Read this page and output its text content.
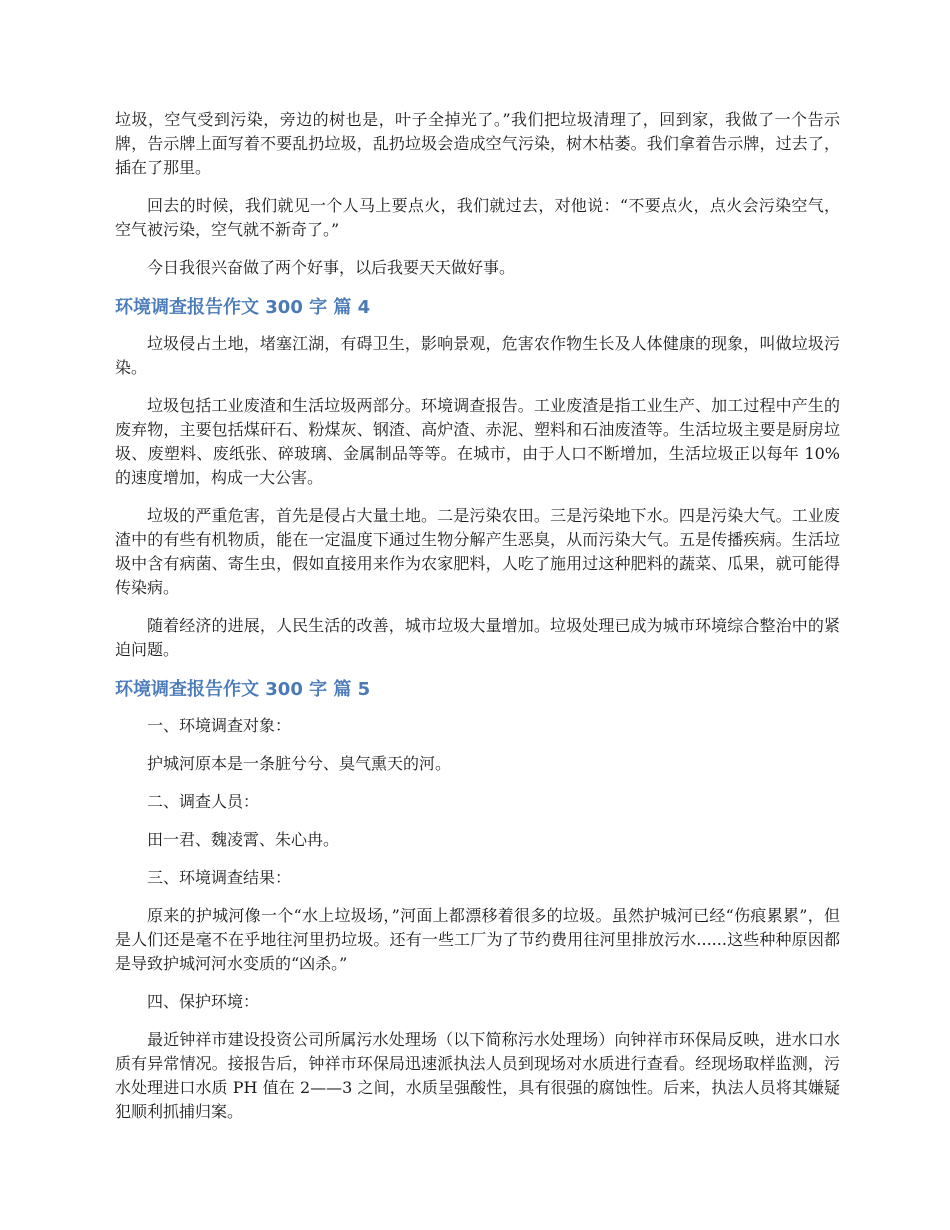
垃圾，空气受到污染，旁边的树也是，叶子全掉光了。”我们把垃圾清理了，回到家，我做了一个告示牌，告示牌上面写着不要乱扔垃圾，乱扔垃圾会造成空气污染，树木枯萎。我们拿着告示牌，过去了，插在了那里。

回去的时候，我们就见一个人马上要点火，我们就过去，对他说：“不要点火，点火会污染空气，空气被污染，空气就不新奇了。”

今日我很兴奋做了两个好事，以后我要天天做好事。

环境调查报告作文 300 字 篇 4

垃圾侵占土地，堵塞江湖，有碍卫生，影响景观，危害农作物生长及人体健康的现象，叫做垃圾污染。

垃圾包括工业废渣和生活垃圾两部分。环境调查报告。工业废渣是指工业生产、加工过程中产生的废弃物，主要包括煤矸石、粉煤灰、钢渣、高炉渣、赤泥、塑料和石油废渣等。生活垃圾主要是厨房垃圾、废塑料、废纸张、碎玻璃、金属制品等等。在城市，由于人口不断增加，生活垃圾正以每年 10%的速度增加，构成一大公害。

垃圾的严重危害，首先是侵占大量土地。二是污染农田。三是污染地下水。四是污染大气。工业废渣中的有些有机物质，能在一定温度下通过生物分解产生恶臭，从而污染大气。五是传播疾病。生活垃圾中含有病菌、寄生虫，假如直接用来作为农家肥料，人吃了施用过这种肥料的蔬菜、瓜果，就可能得传染病。

随着经济的进展，人民生活的改善，城市垃圾大量增加。垃圾处理已成为城市环境综合整治中的紧迫问题。

环境调查报告作文 300 字 篇 5

一、环境调查对象：

护城河原本是一条脏兮兮、臭气熏天的河。

二、调查人员：

田一君、魏凌霄、朱心冉。

三、环境调查结果：

原来的护城河像一个“水上垃圾场，”河面上都漂移着很多的垃圾。虽然护城河已经“伤痕累累”，但是人们还是毫不在乎地往河里扔垃圾。还有一些工厂为了节约费用往河里排放污水......这些种种原因都是导致护城河河水变质的“凶杀。”

四、保护环境：

最近钟祥市建设投资公司所属污水处理场（以下简称污水处理场）向钟祥市环保局反映，进水口水质有异常情况。接报告后，钟祥市环保局迅速派执法人员到现场对水质进行查看。经现场取样监测，污水处理进口水质 PH 值在 2——3 之间，水质呈强酸性，具有很强的腐蚀性。后来，执法人员将其嫌疑犯顺利抓捕归案。
